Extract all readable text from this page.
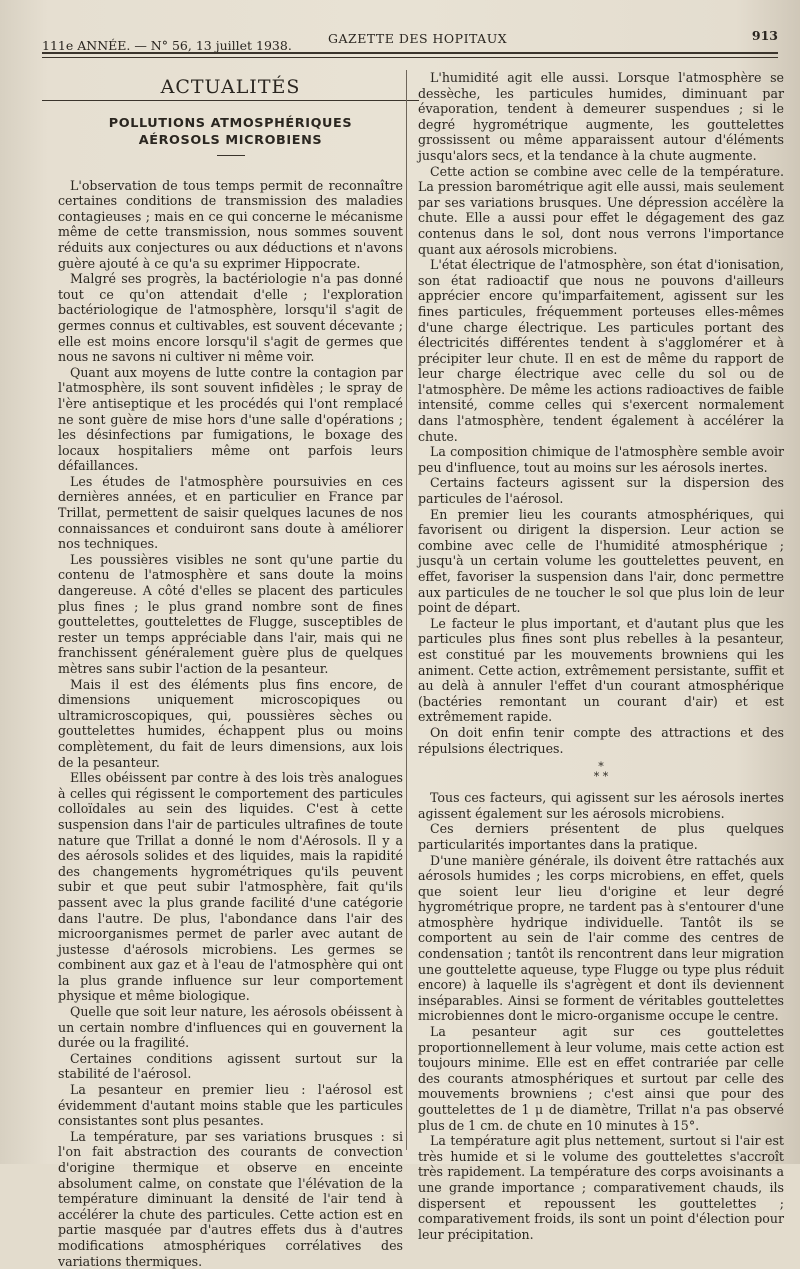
111e ANNÉE. — N° 56, 13 juillet 1938.	GAZETTE DES HOPITAUX	913
ACTUALITÉS
POLLUTIONS ATMOSPHÉRIQUES
AÉROSOLS MICROBIENS

L'observation de tous temps permit de reconnaître certaines conditions de transmission des maladies contagieuses ; mais en ce qui concerne le mécanisme même de cette transmission, nous sommes souvent réduits aux conjectures ou aux déductions et n'avons guère ajouté à ce qu'a su exprimer Hippocrate.

Malgré ses progrès, la bactériologie n'a pas donné tout ce qu'on attendait d'elle ; l'exploration bactériologique de l'atmosphère, lorsqu'il s'agit de germes connus et cultivables, est souvent décevante ; elle est moins encore lorsqu'il s'agit de germes que nous ne savons ni cultiver ni même voir.

Quant aux moyens de lutte contre la contagion par l'atmosphère, ils sont souvent infidèles ; le spray de l'ère antiseptique et les procédés qui l'ont remplacé ne sont guère de mise hors d'une salle d'opérations ; les désinfections par fumigations, le boxage des locaux hospitaliers même ont parfois leurs défaillances.

Les études de l'atmosphère poursuivies en ces dernières années, et en particulier en France par Trillat, permettent de saisir quelques lacunes de nos connaissances et conduiront sans doute à améliorer nos techniques.

Les poussières visibles ne sont qu'une partie du contenu de l'atmosphère et sans doute la moins dangereuse. A côté d'elles se placent des particules plus fines ; le plus grand nombre sont de fines gouttelettes, gouttelettes de Flugge, susceptibles de rester un temps appréciable dans l'air, mais qui ne franchissent généralement guère plus de quelques mètres sans subir l'action de la pesanteur.

Mais il est des éléments plus fins encore, de dimensions uniquement microscopiques ou ultramicroscopiques, qui, poussières sèches ou gouttelettes humides, échappent plus ou moins complètement, du fait de leurs dimensions, aux lois de la pesanteur.

Elles obéissent par contre à des lois très analogues à celles qui régissent le comportement des particules colloïdales au sein des liquides. C'est à cette suspension dans l'air de particules ultrafines de toute nature que Trillat a donné le nom d'Aérosols. Il y a des aérosols solides et des liquides, mais la rapidité des changements hygrométriques qu'ils peuvent subir et que peut subir l'atmosphère, fait qu'ils passent avec la plus grande facilité d'une catégorie dans l'autre. De plus, l'abondance dans l'air des microorganismes permet de parler avec autant de justesse d'aérosols microbiens. Les germes se combinent aux gaz et à l'eau de l'atmosphère qui ont la plus grande influence sur leur comportement physique et même biologique.

Quelle que soit leur nature, les aérosols obéissent à un certain nombre d'influences qui en gouvernent la durée ou la fragilité.

Certaines conditions agissent surtout sur la stabilité de l'aérosol.

La pesanteur en premier lieu : l'aérosol est évidemment d'autant moins stable que les particules consistantes sont plus pesantes.

La température, par ses variations brusques : si l'on fait abstraction des courants de convection d'origine thermique et observe en enceinte absolument calme, on constate que l'élévation de la température diminuant la densité de l'air tend à accélérer la chute des particules. Cette action est en partie masquée par d'autres effets dus à d'autres modifications atmosphériques corrélatives des variations thermiques.

L'humidité agit elle aussi. Lorsque l'atmosphère se dessèche, les particules humides, diminuant par évaporation, tendent à demeurer suspendues ; si le degré hygrométrique augmente, les gouttelettes grossissent ou même apparaissent autour d'éléments jusqu'alors secs, et la tendance à la chute augmente.

Cette action se combine avec celle de la température. La pression barométrique agit elle aussi, mais seulement par ses variations brusques. Une dépression accélère la chute. Elle a aussi pour effet le dégagement des gaz contenus dans le sol, dont nous verrons l'importance quant aux aérosols microbiens.

L'état électrique de l'atmosphère, son état d'ionisation, son état radioactif que nous ne pouvons d'ailleurs apprécier encore qu'imparfaitement, agissent sur les fines particules, fréquemment porteuses elles-mêmes d'une charge électrique. Les particules portant des électricités différentes tendent à s'agglomérer et à précipiter leur chute. Il en est de même du rapport de leur charge électrique avec celle du sol ou de l'atmosphère. De même les actions radioactives de faible intensité, comme celles qui s'exercent normalement dans l'atmosphère, tendent également à accélérer la chute.

La composition chimique de l'atmosphère semble avoir peu d'influence, tout au moins sur les aérosols inertes.

Certains facteurs agissent sur la dispersion des particules de l'aérosol.

En premier lieu les courants atmosphériques, qui favorisent ou dirigent la dispersion. Leur action se combine avec celle de l'humidité atmosphérique ; jusqu'à un certain volume les gouttelettes peuvent, en effet, favoriser la suspension dans l'air, donc permettre aux particules de ne toucher le sol que plus loin de leur point de départ.

Le facteur le plus important, et d'autant plus que les particules plus fines sont plus rebelles à la pesanteur, est constitué par les mouvements browniens qui les animent. Cette action, extrêmement persistante, suffit et au delà à annuler l'effet d'un courant atmosphérique (bactéries remontant un courant d'air) et est extrêmement rapide.

On doit enfin tenir compte des attractions et des répulsions électriques.

*
* *

Tous ces facteurs, qui agissent sur les aérosols inertes agissent également sur les aérosols microbiens.

Ces derniers présentent de plus quelques particularités importantes dans la pratique.

D'une manière générale, ils doivent être rattachés aux aérosols humides ; les corps microbiens, en effet, quels que soient leur lieu d'origine et leur degré hygrométrique propre, ne tardent pas à s'entourer d'une atmosphère hydrique individuelle. Tantôt ils se comportent au sein de l'air comme des centres de condensation ; tantôt ils rencontrent dans leur migration une gouttelette aqueuse, type Flugge ou type plus réduit encore) à laquelle ils s'agrègent et dont ils deviennent inséparables. Ainsi se forment de véritables gouttelettes microbiennes dont le micro-organisme occupe le centre.

La pesanteur agit sur ces gouttelettes proportionnellement à leur volume, mais cette action est toujours minime. Elle est en effet contrariée par celle des courants atmosphériques et surtout par celle des mouvements browniens ; c'est ainsi que pour des gouttelettes de 1 μ de diamètre, Trillat n'a pas observé plus de 1 cm. de chute en 10 minutes à 15°.

La température agit plus nettement, surtout si l'air est très humide et si le volume des gouttelettes s'accroît très rapidement. La température des corps avoisinants a une grande importance ; comparativement chauds, ils dispersent et repoussent les gouttelettes ; comparativement froids, ils sont un point d'élection pour leur précipitation.
